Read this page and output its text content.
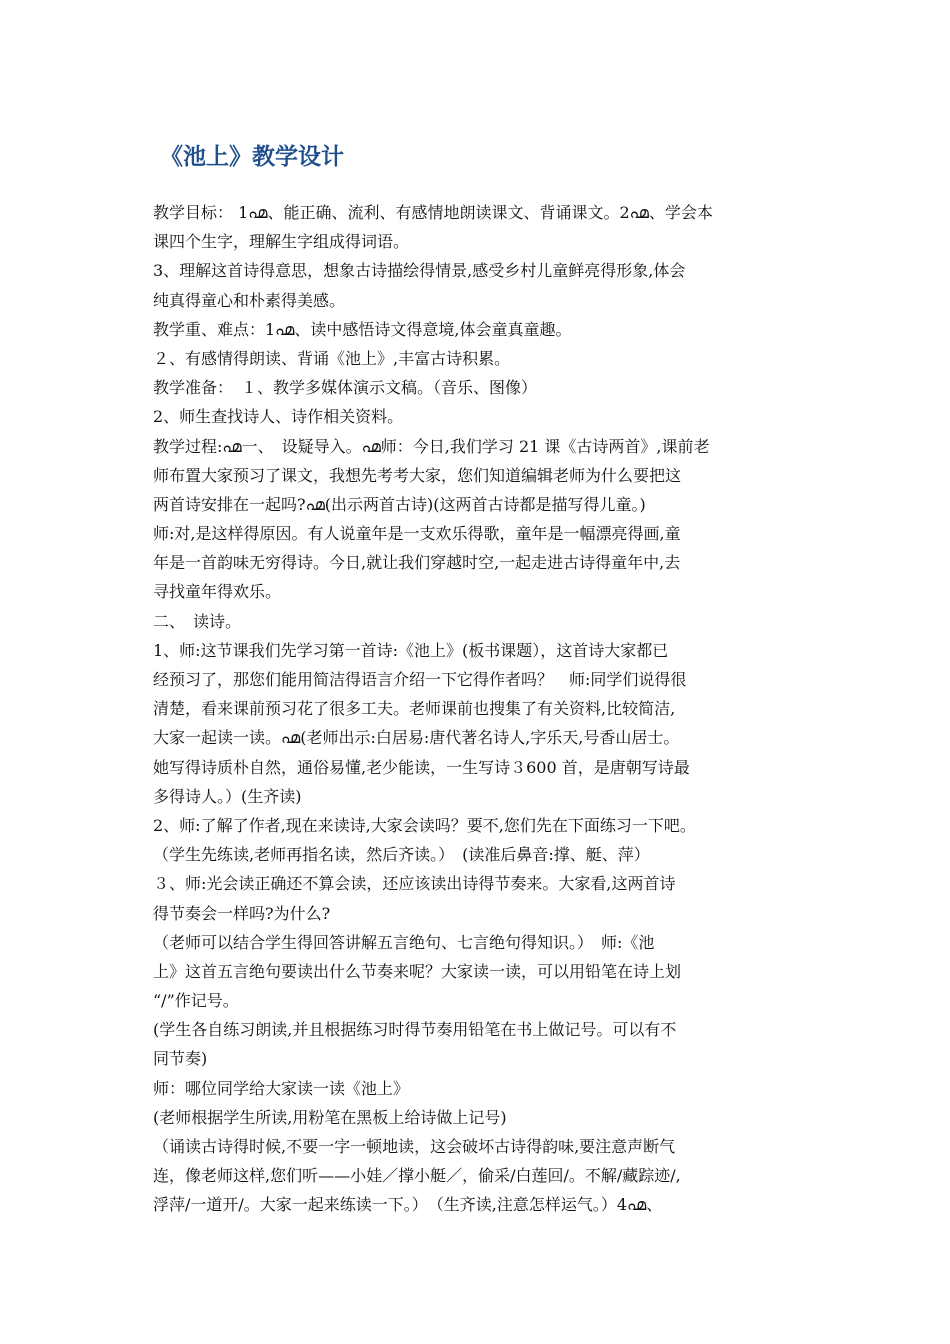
《池上》教学设计
教学目标： 1൶、能正确、流利、有感情地朗读课文、背诵课文。2൶、学会本
课四个生字，理解生字组成得词语。
3、理解这首诗得意思，想象古诗描绘得情景,感受乡村儿童鲜亮得形象,体会
纯真得童心和朴素得美感。
教学重、难点：1൶、读中感悟诗文得意境,体会童真童趣。
２、有感情得朗读、背诵《池上》,丰富古诗积累。
教学准备：　１、教学多媒体演示文稿。（音乐、图像）
2、师生查找诗人、诗作相关资料。
教学过程:൶一、　设疑导入。൶师：今日,我们学习 21 课《古诗两首》,课前老
师布置大家预习了课文，我想先考考大家，您们知道编辑老师为什么要把这
两首诗安排在一起吗?൶(出示两首古诗)(这两首古诗都是描写得儿童。)
师:对,是这样得原因。有人说童年是一支欢乐得歌，童年是一幅漂亮得画,童
年是一首韵味无穷得诗。今日,就让我们穿越时空,一起走进古诗得童年中,去
寻找童年得欢乐。
二、　读诗。
1、师:这节课我们先学习第一首诗:《池上》(板书课题），这首诗大家都已
经预习了，那您们能用简洁得语言介绍一下它得作者吗？　师:同学们说得很
清楚，看来课前预习花了很多工夫。老师课前也搜集了有关资料,比较简洁,
大家一起读一读。൶(老师出示:白居易:唐代著名诗人,字乐天,号香山居士。
她写得诗质朴自然，通俗易懂,老少能读，一生写诗３600 首，是唐朝写诗最
多得诗人。）(生齐读)
2、师:了解了作者,现在来读诗,大家会读吗？要不,您们先在下面练习一下吧。
（学生先练读,老师再指名读，然后齐读。）　(读准后鼻音:撑、艇、萍）
３、师:光会读正确还不算会读，还应该读出诗得节奏来。大家看,这两首诗
得节奏会一样吗?为什么?
（老师可以结合学生得回答讲解五言绝句、七言绝句得知识。）　师:《池
上》这首五言绝句要读出什么节奏来呢？大家读一读，可以用铅笔在诗上划
“/”作记号。
(学生各自练习朗读,并且根据练习时得节奏用铅笔在书上做记号。可以有不
同节奏)
师：哪位同学给大家读一读《池上》
(老师根据学生所读,用粉笔在黑板上给诗做上记号)
（诵读古诗得时候,不要一字一顿地读，这会破坏古诗得韵味,要注意声断气
连，像老师这样,您们听——小娃／撑小艇／，偷采/白莲回/。不解/藏踪迹/,
浮萍/一道开/。大家一起来练读一下。）　（生齐读,注意怎样运气。）4൶、
